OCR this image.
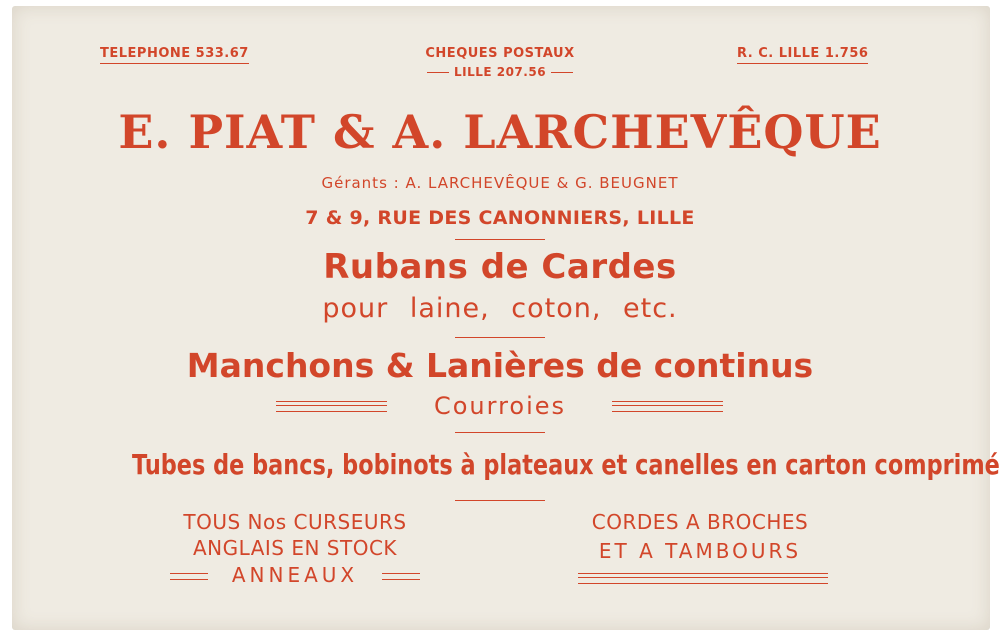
TELEPHONE 533.67	CHEQUES POSTAUX
LILLE 207.56
R. C. LILLE 1.756
E. PIAT & A. LARCHEVÊQUE
Gérants : A. LARCHEVÊQUE & G. BEUGNET
7 & 9, RUE DES CANONNIERS, LILLE
Rubans de Cardes
pour laine, coton, etc.
Manchons & Lanières de continus
Courroies
Tubes de bancs, bobinots à plateaux et canelles en carton comprimé
TOUS Nos CURSEURS
ANGLAIS EN STOCK
ANNEAUX
CORDES A BROCHES
ET A TAMBOURS
